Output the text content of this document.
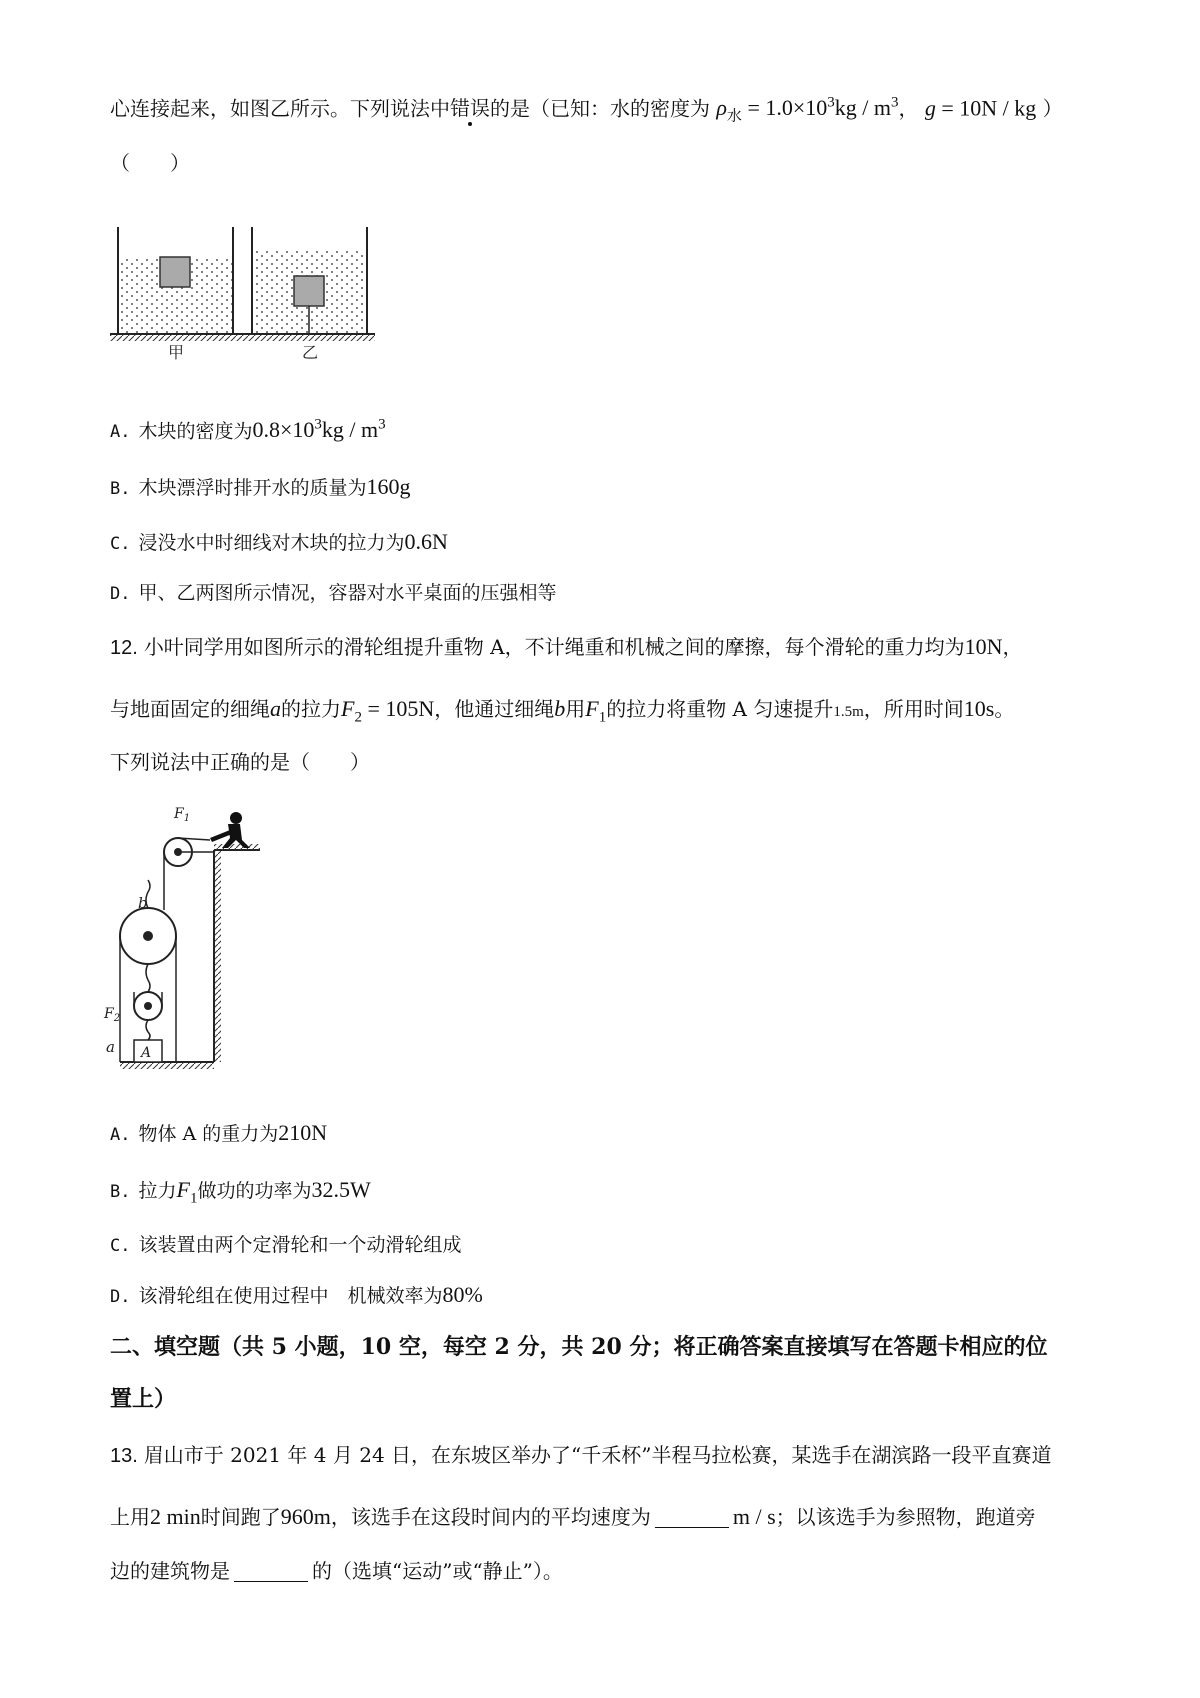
心连接起来，如图乙所示。下列说法中错误的是（已知：水的密度为 $\rho_水 = 1.0\times 10^3kg / m^3$， g = 10N / kg ）
（　　）
甲	乙
A. 木块的密度为$0.8\times 10^3kg / m^3$
B. 木块漂浮时排开水的质量为160g
C. 浸没水中时细线对木块的拉力为0.6N
D. 甲、乙两图所示情况，容器对水平桌面的压强相等
12. 小叶同学用如图所示的滑轮组提升重物 A，不计绳重和机械之间的摩擦，每个滑轮的重力均为10N，
与地面固定的细绳a的拉力$F_2 = 105N$，他通过细绳b用$F_1$的拉力将重物 A 匀速提升1.5m，所用时间10s。
下列说法中正确的是（　　）
A
$F_1$
b
$F_2$
a
A. 物体 A 的重力为210N
B. 拉力$F_1$做功的功率为32.5W
C. 该装置由两个定滑轮和一个动滑轮组成
D. 该滑轮组在使用过程中　机械效率为80%
二、填空题（共 5 小题，10 空，每空 2 分，共 20 分；将正确答案直接填写在答题卡相应的位
置上）
13. 眉山市于 2021 年 4 月 24 日，在东坡区举办了“千禾杯”半程马拉松赛，某选手在湖滨路一段平直赛道
上用2 min时间跑了960m，该选手在这段时间内的平均速度为	m / s；以该选手为参照物，跑道旁
边的建筑物是	的（选填“运动”或“静止”）。
